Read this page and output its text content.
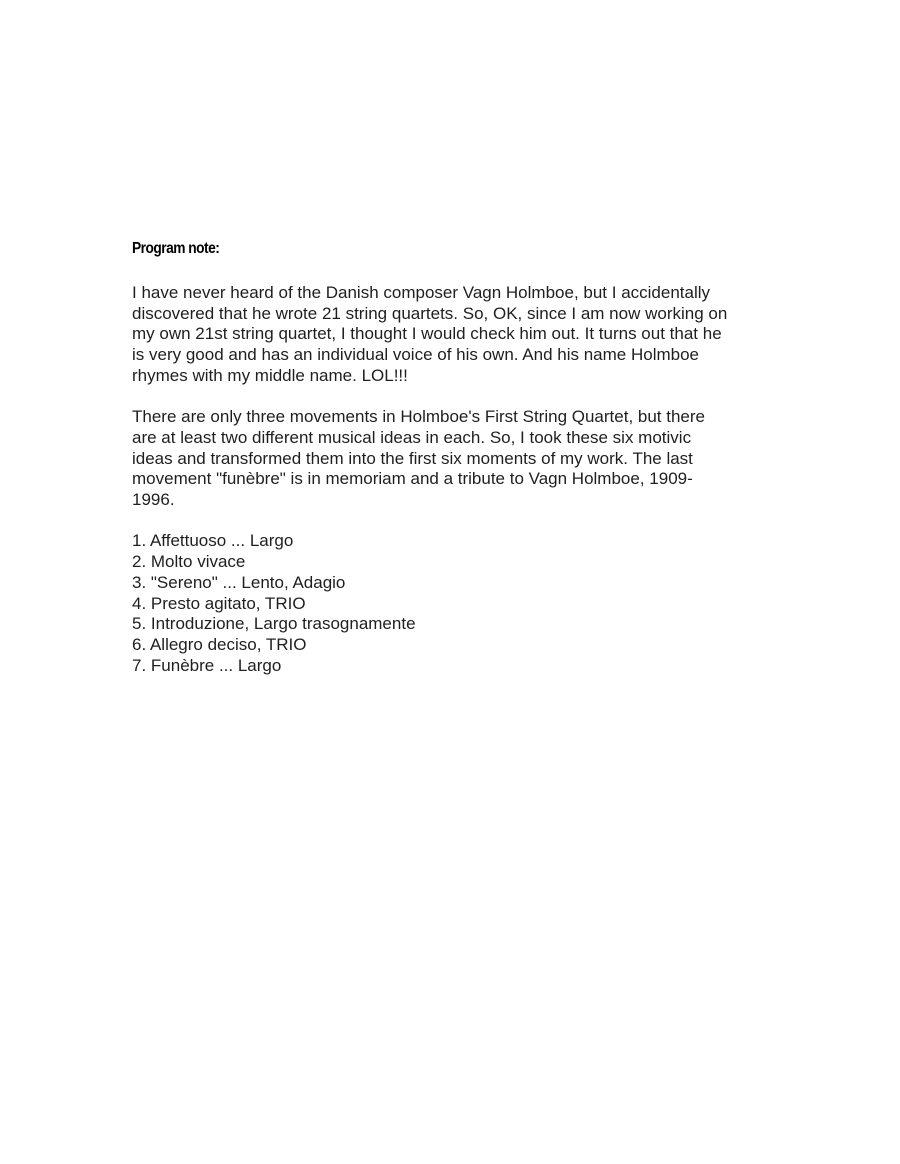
Program note:

I have never heard of the Danish composer Vagn Holmboe, but I accidentally discovered that he wrote 21 string quartets. So, OK, since I am now working on my own 21st string quartet, I thought I would check him out. It turns out that he is very good and has an individual voice of his own. And his name Holmboe rhymes with my middle name. LOL!!!

There are only three movements in Holmboe's First String Quartet, but there are at least two different musical ideas in each. So, I took these six motivic ideas and transformed them into the first six moments of my work. The last movement "funèbre" is in memoriam and a tribute to Vagn Holmboe, 1909-1996.

1. Affettuoso ... Largo
2. Molto vivace
3. "Sereno" ... Lento, Adagio
4. Presto agitato, TRIO
5. Introduzione, Largo trasognamente
6. Allegro deciso, TRIO
7. Funèbre ... Largo
